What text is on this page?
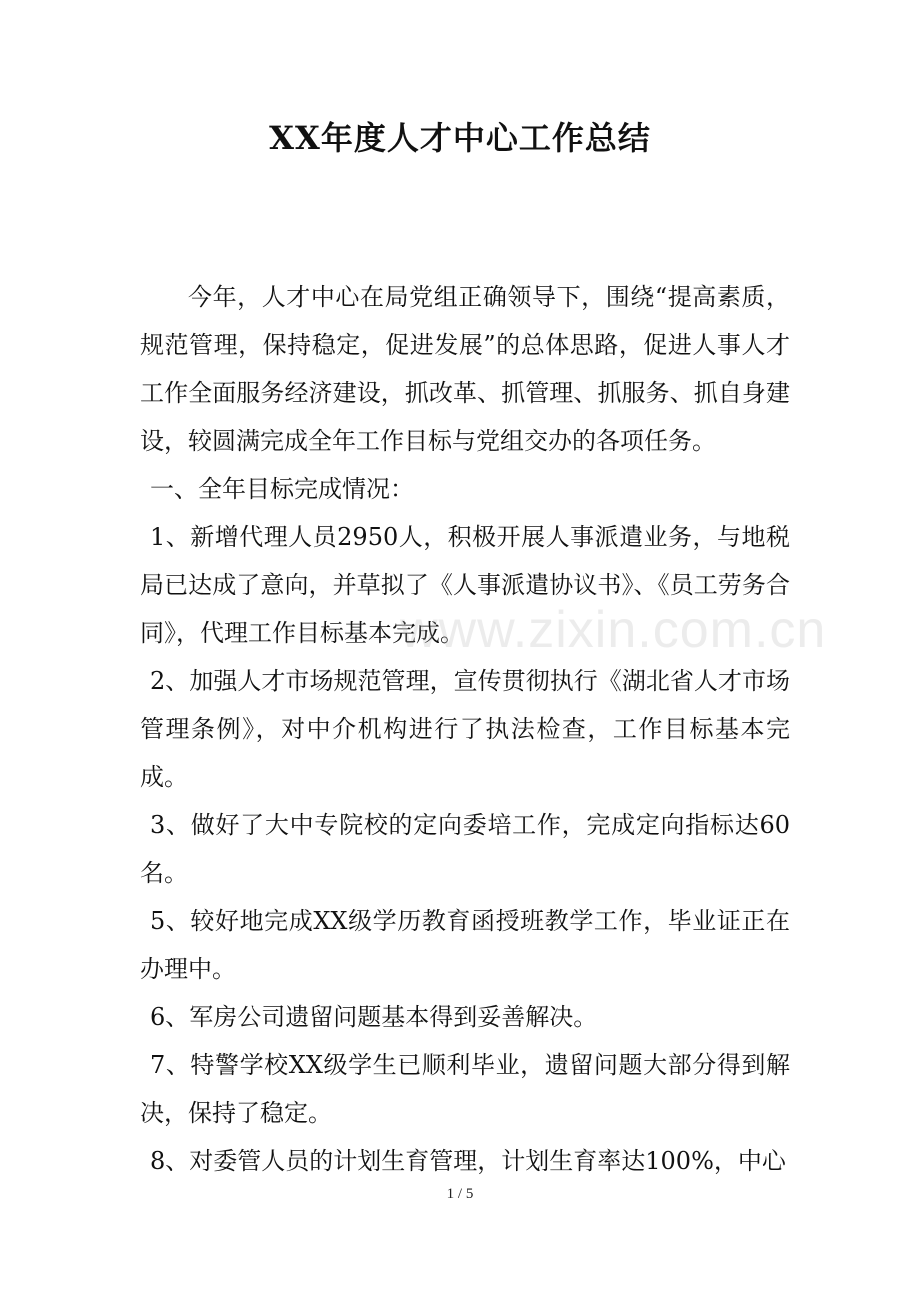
XX年度人才中心工作总结

今年，人才中心在局党组正确领导下，围绕“提高素质，规范管理，保持稳定，促进发展”的总体思路，促进人事人才工作全面服务经济建设，抓改革、抓管理、抓服务、抓自身建设，较圆满完成全年工作目标与党组交办的各项任务。

一、全年目标完成情况：

1、新增代理人员2950人，积极开展人事派遣业务，与地税局已达成了意向，并草拟了《人事派遣协议书》、《员工劳务合同》，代理工作目标基本完成。

2、加强人才市场规范管理，宣传贯彻执行《湖北省人才市场管理条例》，对中介机构进行了执法检查，工作目标基本完成。

3、做好了大中专院校的定向委培工作，完成定向指标达60名。

5、较好地完成XX级学历教育函授班教学工作，毕业证正在办理中。

6、军房公司遗留问题基本得到妥善解决。

7、特警学校XX级学生已顺利毕业，遗留问题大部分得到解决，保持了稳定。

8、对委管人员的计划生育管理，计划生育率达100%，中心

www.zixin.com.cn
1 / 5
